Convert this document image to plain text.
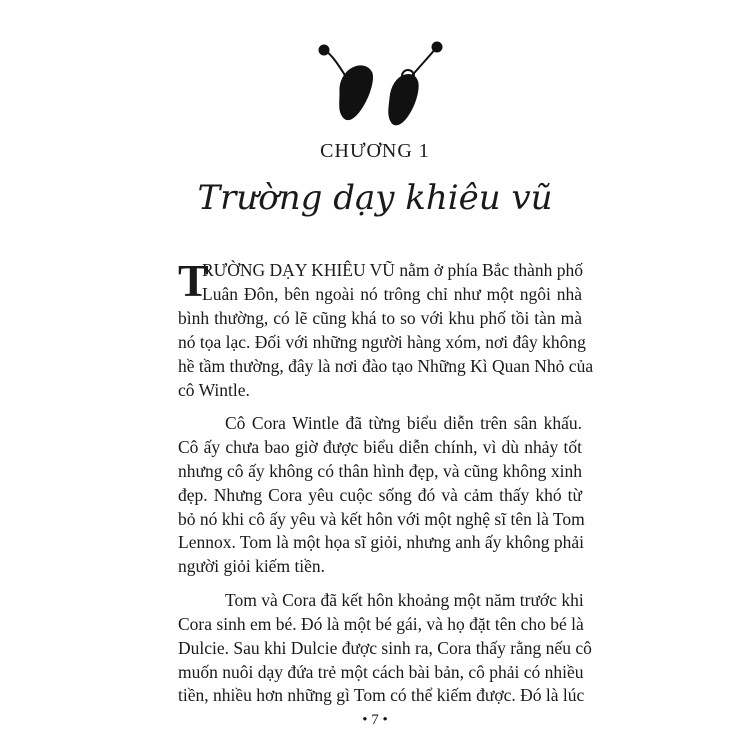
CHƯƠNG 1
Trường dạy khiêu vũ
T
RƯỜNG DẠY KHIÊU VŨ nằm ở phía Bắc thành phố
Luân Đôn, bên ngoài nó trông chỉ như một ngôi nhà
bình thường, có lẽ cũng khá to so với khu phố tồi tàn mà
nó tọa lạc. Đối với những người hàng xóm, nơi đây không
hề tầm thường, đây là nơi đào tạo Những Kì Quan Nhỏ của
cô Wintle.
Cô Cora Wintle đã từng biểu diễn trên sân khấu.
Cô ấy chưa bao giờ được biểu diễn chính, vì dù nhảy tốt
nhưng cô ấy không có thân hình đẹp, và cũng không xinh
đẹp. Nhưng Cora yêu cuộc sống đó và cảm thấy khó từ
bỏ nó khi cô ấy yêu và kết hôn với một nghệ sĩ tên là Tom
Lennox. Tom là một họa sĩ giỏi, nhưng anh ấy không phải
người giỏi kiếm tiền.
Tom và Cora đã kết hôn khoảng một năm trước khi
Cora sinh em bé. Đó là một bé gái, và họ đặt tên cho bé là
Dulcie. Sau khi Dulcie được sinh ra, Cora thấy rằng nếu cô
muốn nuôi dạy đứa trẻ một cách bài bản, cô phải có nhiều
tiền, nhiều hơn những gì Tom có thể kiếm được. Đó là lúc
• 7 •
